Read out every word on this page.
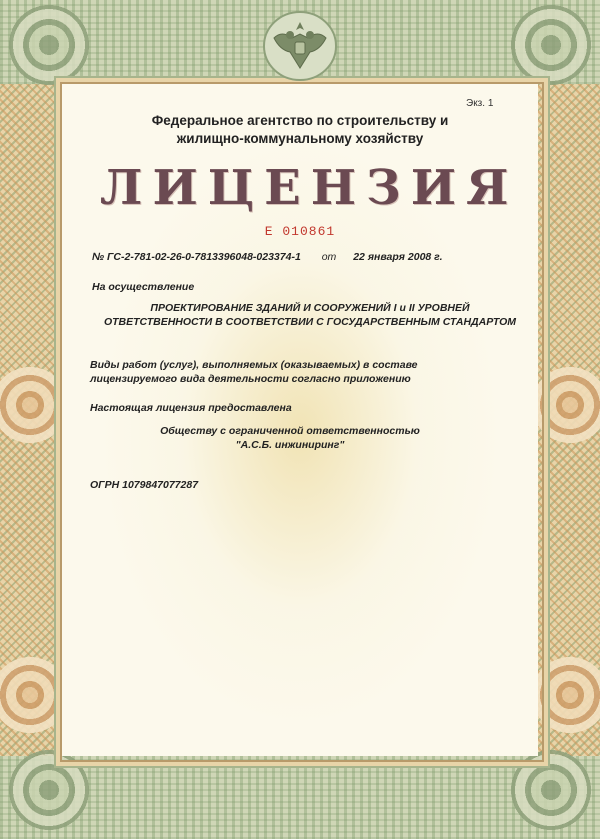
Экз. 1
Федеральное агентство по строительству и
жилищно-коммунальному хозяйству
ЛИЦЕНЗИЯ
Е 010861
№ ГС-2-781-02-26-0-7813396048-023374-1 от 22 января 2008 г.
На осуществление
ПРОЕКТИРОВАНИЕ ЗДАНИЙ И СООРУЖЕНИЙ I и II УРОВНЕЙ
ОТВЕТСТВЕННОСТИ В СООТВЕТСТВИИ С ГОСУДАРСТВЕННЫМ СТАНДАРТОМ
Виды работ (услуг), выполняемых (оказываемых) в составе
лицензируемого вида деятельности согласно приложению
Настоящая лицензия предоставлена
Обществу с ограниченной ответственностью
"А.С.Б. инжиниринг"
ОГРН 1079847077287
